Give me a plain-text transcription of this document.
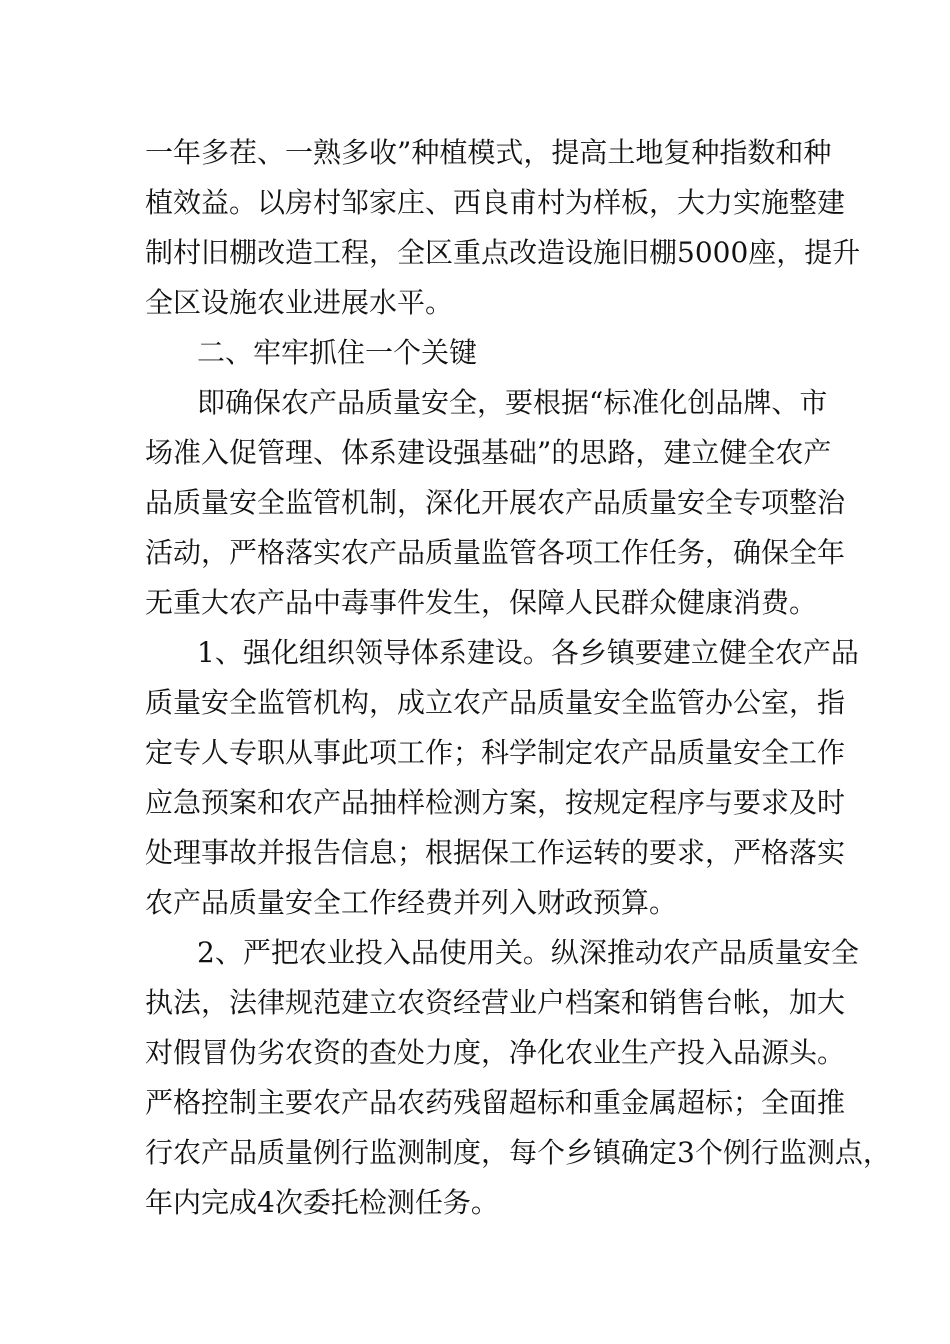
一年多茬、一熟多收”种植模式，提高土地复种指数和种
植效益。以房村邹家庄、西良甫村为样板，大力实施整建
制村旧棚改造工程，全区重点改造设施旧棚5000座，提升
全区设施农业进展水平。
二、牢牢抓住一个关键
即确保农产品质量安全，要根据“标准化创品牌、市
场准入促管理、体系建设强基础”的思路，建立健全农产
品质量安全监管机制，深化开展农产品质量安全专项整治
活动，严格落实农产品质量监管各项工作任务，确保全年
无重大农产品中毒事件发生，保障人民群众健康消费。
1、强化组织领导体系建设。各乡镇要建立健全农产品
质量安全监管机构，成立农产品质量安全监管办公室，指
定专人专职从事此项工作；科学制定农产品质量安全工作
应急预案和农产品抽样检测方案，按规定程序与要求及时
处理事故并报告信息；根据保工作运转的要求，严格落实
农产品质量安全工作经费并列入财政预算。
2、严把农业投入品使用关。纵深推动农产品质量安全
执法，法律规范建立农资经营业户档案和销售台帐，加大
对假冒伪劣农资的查处力度，净化农业生产投入品源头。
严格控制主要农产品农药残留超标和重金属超标；全面推
行农产品质量例行监测制度，每个乡镇确定3个例行监测点，
年内完成4次委托检测任务。
